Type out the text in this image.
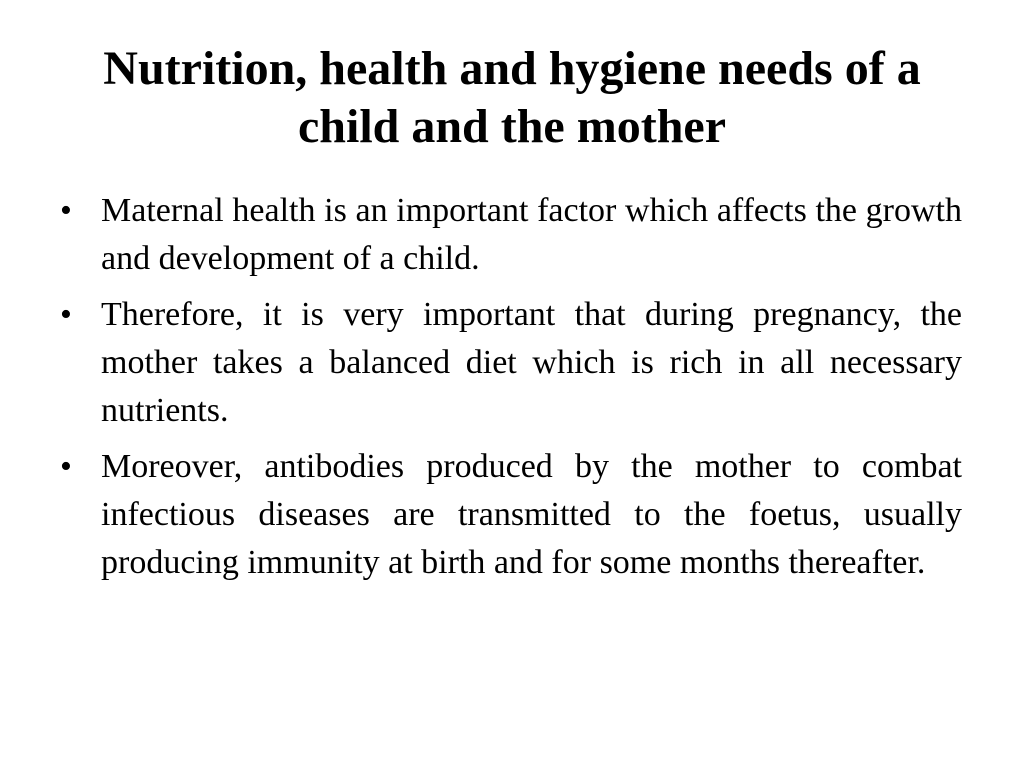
Nutrition, health and hygiene needs of a child and the mother
• Maternal health is an important factor which affects the growth and development of a child.
• Therefore, it is very important that during pregnancy, the mother takes a balanced diet which is rich in all necessary nutrients.
• Moreover, antibodies produced by the mother to combat infectious diseases are transmitted to the foetus, usually producing immunity at birth and for some months thereafter.
